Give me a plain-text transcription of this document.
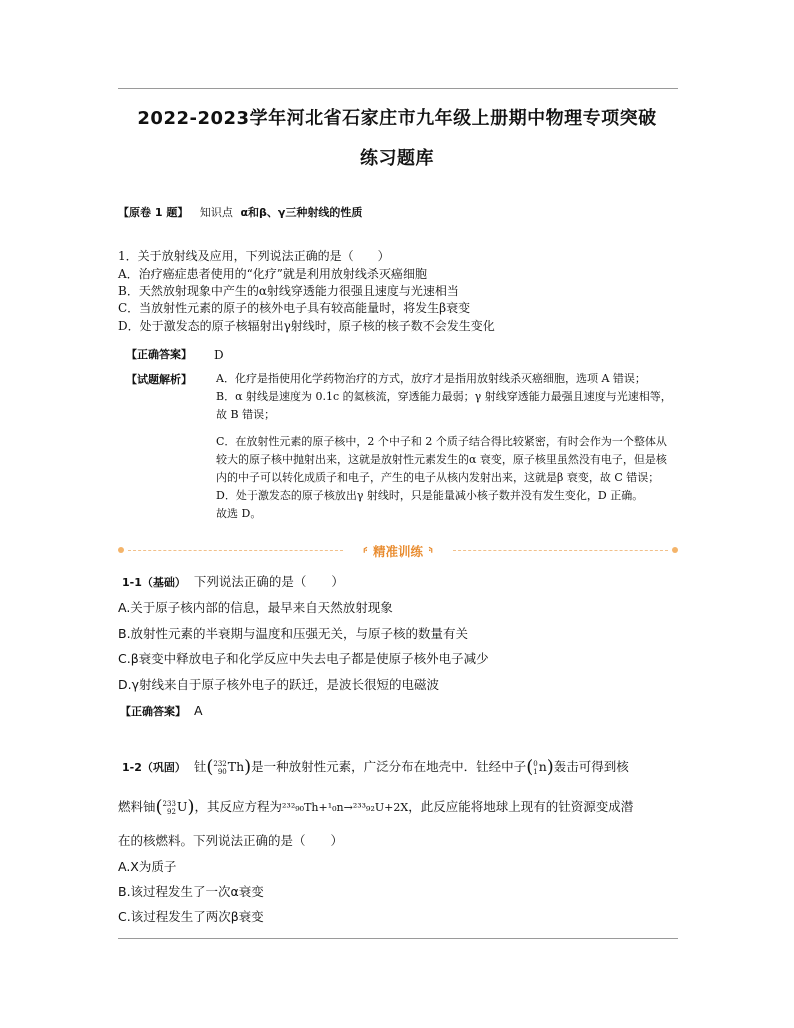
2022-2023学年河北省石家庄市九年级上册期中物理专项突破
练习题库
【原卷 1 题】 知识点 α和β、γ三种射线的性质
1．关于放射线及应用，下列说法正确的是（　　）
A．治疗癌症患者使用的“化疗”就是利用放射线杀灭癌细胞
B．天然放射现象中产生的α射线穿透能力很强且速度与光速相当
C．当放射性元素的原子的核外电子具有较高能量时，将发生β衰变
D．处于激发态的原子核辐射出γ射线时，原子核的核子数不会发生变化
【正确答案】 D
【试题解析】 A．化疗是指使用化学药物治疗的方式，放疗才是指用放射线杀灭癌细胞，选项 A 错误；
B．α 射线是速度为 0.1c 的氦核流，穿透能力最弱；γ 射线穿透能力最强且速度与光速相等，
故 B 错误；
C．在放射性元素的原子核中，2 个中子和 2 个质子结合得比较紧密，有时会作为一个整体从
较大的原子核中抛射出来，这就是放射性元素发生的α 衰变，原子核里虽然没有电子，但是核
内的中子可以转化成质子和电子，产生的电子从核内发射出来，这就是β 衰变，故 C 错误；
D．处于激发态的原子核放出γ 射线时，只是能量减小核子数并没有发生变化，D 正确。
故选 D。
⸄ 精准训练 ⸅
1-1（基础） 下列说法正确的是（　　）
A.关于原子核内部的信息，最早来自天然放射现象
B.放射性元素的半衰期与温度和压强无关，与原子核的数量有关
C.β衰变中释放电子和化学反应中失去电子都是使原子核外电子减少
D.γ射线来自于原子核外电子的跃迁，是波长很短的电磁波
【正确答案】 A
1-2（巩固） 钍( 232
90 Th)是一种放射性元素，广泛分布在地壳中．钍经中子( 0
1 n)轰击可得到核
燃料铀( 233
92 U)，其反应方程为²³²₉₀Th+¹₀n→²³³₉₂U+2X，此反应能将地球上现有的钍资源变成潜
在的核燃料。下列说法正确的是（　　）
A.X为质子
B.该过程发生了一次α衰变
C.该过程发生了两次β衰变
